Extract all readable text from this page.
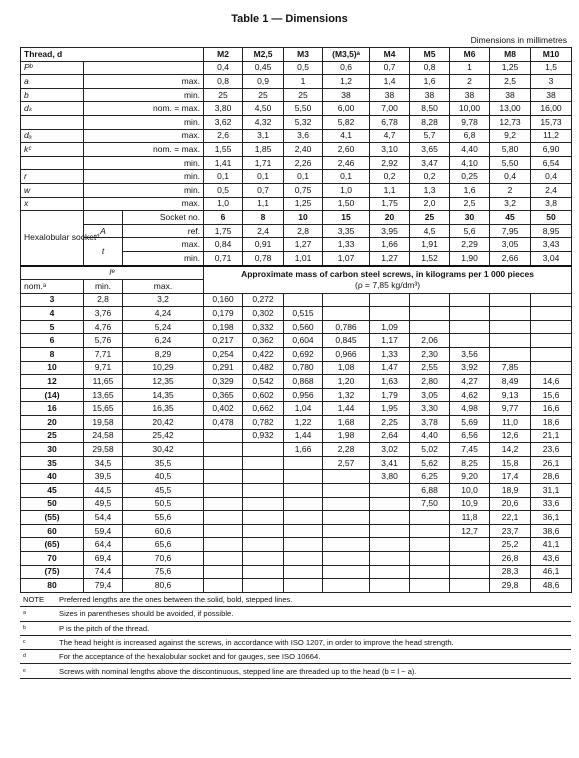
Table 1 — Dimensions
Dimensions in millimetres
Thread, d			M2	M2,5	M3	(M3,5)ᵃ	M4	M5	M6	M8	M10
Pᵇ			0,4	0,45	0,5	0,6	0,7	0,8	1	1,25	1,5
a	max.		0,8	0,9	1	1,2	1,4	1,6	2	2,5	3
b	min.		25	25	25	38	38	38	38	38	38
dₖ	nom. = max.		3,80	4,50	5,50	6,00	7,00	8,50	10,00	13,00	16,00
	min.		3,62	4,32	5,32	5,82	6,78	8,28	9,78	12,73	15,73
dₐ	max.		2,6	3,1	3,6	4,1	4,7	5,7	6,8	9,2	11,2
kᶜ	nom. = max.		1,55	1,85	2,40	2,60	3,10	3,65	4,40	5,80	6,90
	min.		1,41	1,71	2,26	2,46	2,92	3,47	4,10	5,50	6,54
r	min.		0,1	0,1	0,1	0,1	0,2	0,2	0,25	0,4	0,4
w	min.		0,5	0,7	0,75	1,0	1,1	1,3	1,6	2	2,4
x	max.		1,0	1,1	1,25	1,50	1,75	2,0	2,5	3,2	3,8
Hexalobular socketᵈ		Socket no.	6	8	10	15	20	25	30	45	50
	A	ref.	1,75	2,4	2,8	3,35	3,95	4,5	5,6	7,95	8,95
	t	max.	0,84	0,91	1,27	1,33	1,66	1,91	2,29	3,05	3,43
		min.	0,71	0,78	1,01	1,07	1,27	1,52	1,90	2,66	3,04
lᵉ			Approximate mass of carbon steel screws, in kilograms per 1 000 pieces
(ρ = 7,85 kg/dm³)								

nom.ᵃ	min.	max.									
3	2,8	3,2	0,160	0,272							
4	3,76	4,24	0,179	0,302	0,515						
5	4,76	5,24	0,198	0,332	0,560	0,786	1,09				
6	5,76	6,24	0,217	0,362	0,604	0,845	1,17	2,06			
8	7,71	8,29	0,254	0,422	0,692	0,966	1,33	2,30	3,56		
10	9,71	10,29	0,291	0,482	0,780	1,08	1,47	2,55	3,92	7,85	
12	11,65	12,35	0,329	0,542	0,868	1,20	1,63	2,80	4,27	8,49	14,6
(14)	13,65	14,35	0,365	0,602	0,956	1,32	1,79	3,05	4,62	9,13	15,6
16	15,65	16,35	0,402	0,662	1,04	1,44	1,95	3,30	4,98	9,77	16,6
20	19,58	20,42	0,478	0,782	1,22	1,68	2,25	3,78	5,69	11,0	18,6
25	24,58	25,42		0,932	1,44	1,98	2,64	4,40	6,56	12,6	21,1
30	29,58	30,42			1,66	2,28	3,02	5,02	7,45	14,2	23,6
35	34,5	35,5				2,57	3,41	5,62	8,25	15,8	26,1
40	39,5	40,5					3,80	6,25	9,20	17,4	28,6
45	44,5	45,5						6,88	10,0	18,9	31,1
50	49,5	50,5						7,50	10,9	20,6	33,6
(55)	54,4	55,6							11,8	22,1	36,1
60	59,4	60,6							12,7	23,7	38,6
(65)	64,4	65,6								25,2	41,1
70	69,4	70,6								26,8	43,6
(75)	74,4	75,6								28,3	46,1
80	79,4	80,6								29,8	48,6
NOTE	Preferred lengths are the ones between the solid, bold, stepped lines.
ᵃ	Sizes in parentheses should be avoided, if possible.
ᵇ	P is the pitch of the thread.
ᶜ	The head height is increased against the screws, in accordance with ISO 1207, in order to improve the head strength.
ᵈ	For the acceptance of the hexalobular socket and for gauges, see ISO 10664.
ᵉ	Screws with nominal lengths above the discontinuous, stepped line are threaded up to the head (b = l − a).
